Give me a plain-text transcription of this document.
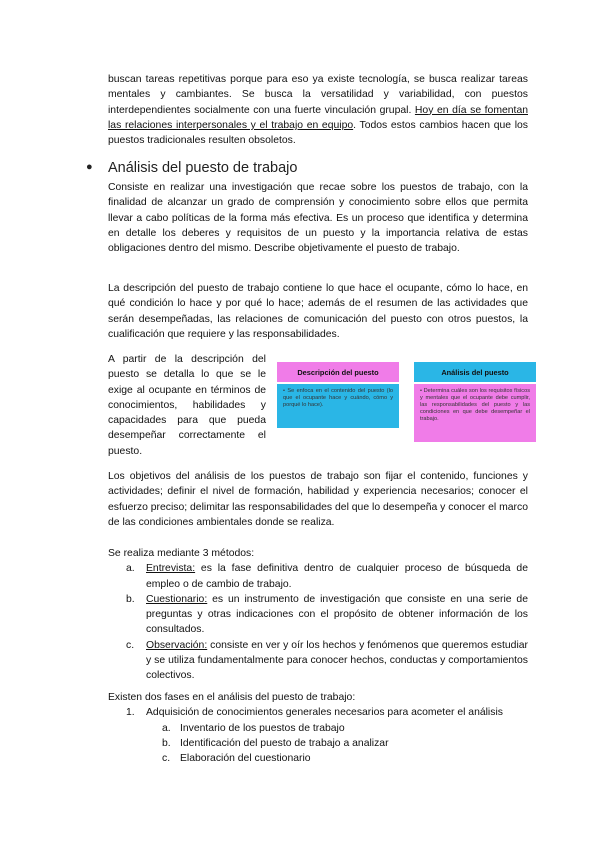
buscan tareas repetitivas porque para eso ya existe tecnología, se busca realizar tareas mentales y cambiantes. Se busca la versatilidad y variabilidad, con puestos interdependientes socialmente con una fuerte vinculación grupal. Hoy en día se fomentan las relaciones interpersonales y el trabajo en equipo. Todos estos cambios hacen que los puestos tradicionales resulten obsoletos.

● Análisis del puesto de trabajo

Consiste en realizar una investigación que recae sobre los puestos de trabajo, con la finalidad de alcanzar un grado de comprensión y conocimiento sobre ellos que permita llevar a cabo políticas de la forma más efectiva. Es un proceso que identifica y determina en detalle los deberes y requisitos de un puesto y la importancia relativa de estas obligaciones dentro del mismo. Describe objetivamente el puesto de trabajo.

La descripción del puesto de trabajo contiene lo que hace el ocupante, cómo lo hace, en qué condición lo hace y por qué lo hace; además de el resumen de las actividades que serán desempeñadas, las relaciones de comunicación del puesto con otros puestos, la cualificación que requiere y las responsabilidades.

A partir de la descripción del puesto se detalla lo que se le exige al ocupante en términos de conocimientos, habilidades y capacidades para que pueda desempeñar correctamente el puesto.
Descripción del puesto
• Se enfoca en el contenido del puesto (lo que el ocupante hace y cuándo, cómo y porqué lo hace).
Análisis del puesto
• Determina cuáles son los requisitos físicos y mentales que el ocupante debe cumplir, las responsabilidades del puesto y las condiciones en que debe desempeñar el trabajo.

Los objetivos del análisis de los puestos de trabajo son fijar el contenido, funciones y actividades; definir el nivel de formación, habilidad y experiencia necesarios; conocer el esfuerzo preciso; delimitar las responsabilidades del que lo desempeña y conocer el marco de las condiciones ambientales donde se realiza.

Se realiza mediante 3 métodos:
a. Entrevista: es la fase definitiva dentro de cualquier proceso de búsqueda de empleo o de cambio de trabajo.
b. Cuestionario: es un instrumento de investigación que consiste en una serie de preguntas y otras indicaciones con el propósito de obtener información de los consultados.
c. Observación: consiste en ver y oír los hechos y fenómenos que queremos estudiar y se utiliza fundamentalmente para conocer hechos, conductas y comportamientos colectivos.
Existen dos fases en el análisis del puesto de trabajo:
1. Adquisición de conocimientos generales necesarios para acometer el análisis
a. Inventario de los puestos de trabajo
b. Identificación del puesto de trabajo a analizar
c. Elaboración del cuestionario
